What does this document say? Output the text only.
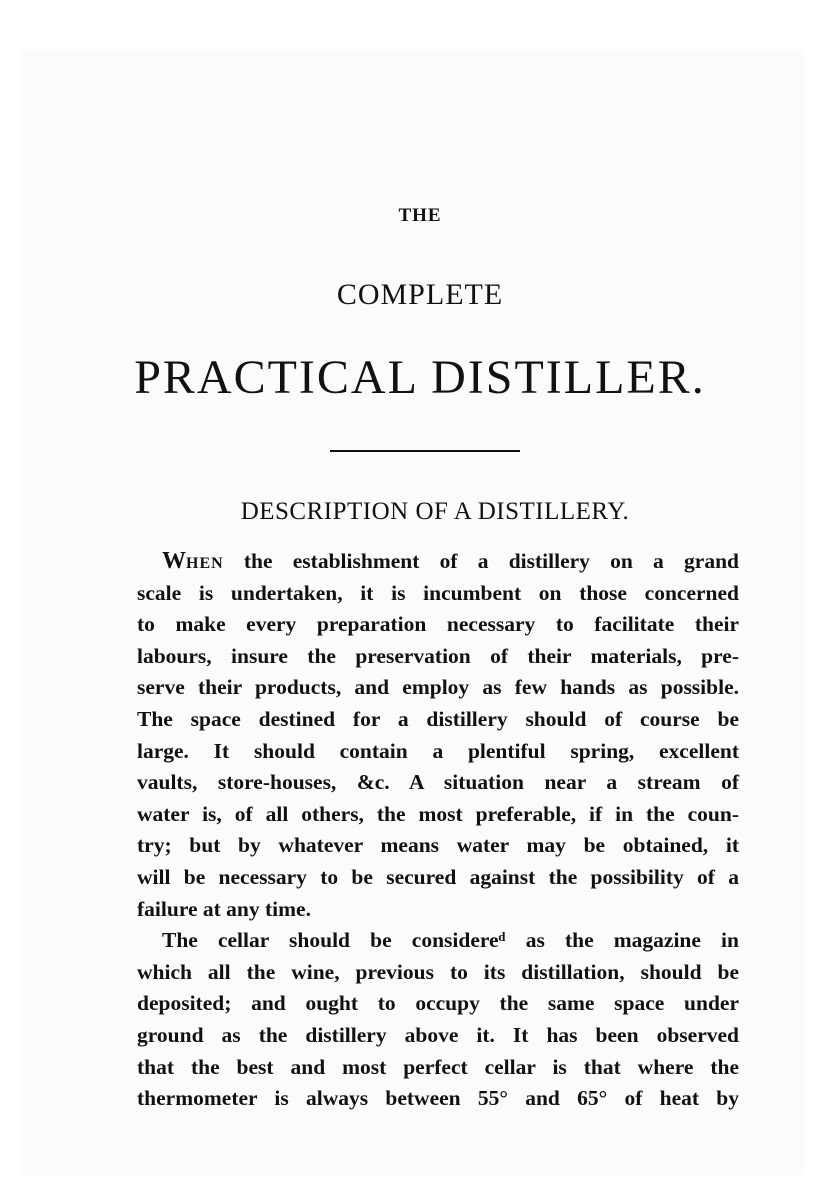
THE
COMPLETE
PRACTICAL DISTILLER.
DESCRIPTION OF A DISTILLERY.
WHEN the establishment of a distillery on a grand
scale is undertaken, it is incumbent on those concerned
to make every preparation necessary to facilitate their
labours, insure the preservation of their materials, pre-
serve their products, and employ as few hands as possible.
The space destined for a distillery should of course be
large. It should contain a plentiful spring, excellent
vaults, store-houses, &c. A situation near a stream of
water is, of all others, the most preferable, if in the coun-
try; but by whatever means water may be obtained, it
will be necessary to be secured against the possibility of a
failure at any time.
The cellar should be considereᵈ as the magazine in
which all the wine, previous to its distillation, should be
deposited; and ought to occupy the same space under
ground as the distillery above it. It has been observed
that the best and most perfect cellar is that where the
thermometer is always between 55° and 65° of heat by
